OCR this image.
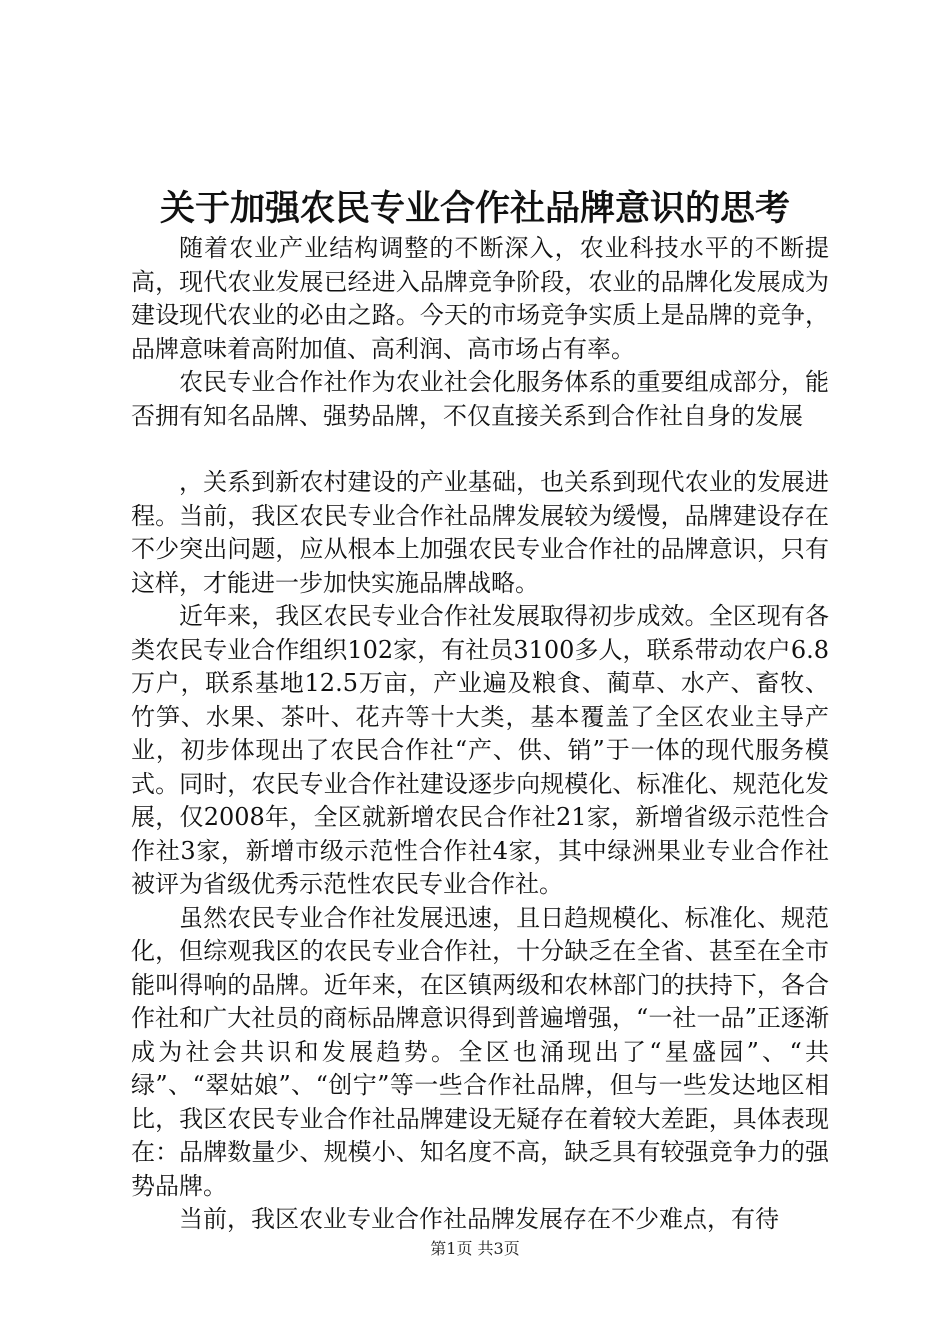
关于加强农民专业合作社品牌意识的思考

随着农业产业结构调整的不断深入，农业科技水平的不断提高，现代农业发展已经进入品牌竞争阶段，农业的品牌化发展成为建设现代农业的必由之路。今天的市场竞争实质上是品牌的竞争，品牌意味着高附加值、高利润、高市场占有率。

农民专业合作社作为农业社会化服务体系的重要组成部分，能否拥有知名品牌、强势品牌，不仅直接关系到合作社自身的发展

，关系到新农村建设的产业基础，也关系到现代农业的发展进程。当前，我区农民专业合作社品牌发展较为缓慢，品牌建设存在不少突出问题，应从根本上加强农民专业合作社的品牌意识，只有这样，才能进一步加快实施品牌战略。

近年来，我区农民专业合作社发展取得初步成效。全区现有各类农民专业合作组织102家，有社员3100多人，联系带动农户6.8万户，联系基地12.5万亩，产业遍及粮食、蔺草、水产、畜牧、竹笋、水果、茶叶、花卉等十大类，基本覆盖了全区农业主导产业，初步体现出了农民合作社“产、供、销”于一体的现代服务模式。同时，农民专业合作社建设逐步向规模化、标准化、规范化发展，仅2008年，全区就新增农民合作社21家，新增省级示范性合作社3家，新增市级示范性合作社4家，其中绿洲果业专业合作社被评为省级优秀示范性农民专业合作社。

虽然农民专业合作社发展迅速，且日趋规模化、标准化、规范化，但综观我区的农民专业合作社，十分缺乏在全省、甚至在全市能叫得响的品牌。近年来，在区镇两级和农林部门的扶持下，各合作社和广大社员的商标品牌意识得到普遍增强，“一社一品”正逐渐成为社会共识和发展趋势。全区也涌现出了“星盛园”、“共绿”、“翠姑娘”、“创宁”等一些合作社品牌，但与一些发达地区相比，我区农民专业合作社品牌建设无疑存在着较大差距，具体表现在：品牌数量少、规模小、知名度不高，缺乏具有较强竞争力的强势品牌。

当前，我区农业专业合作社品牌发展存在不少难点，有待

第1页 共3页
